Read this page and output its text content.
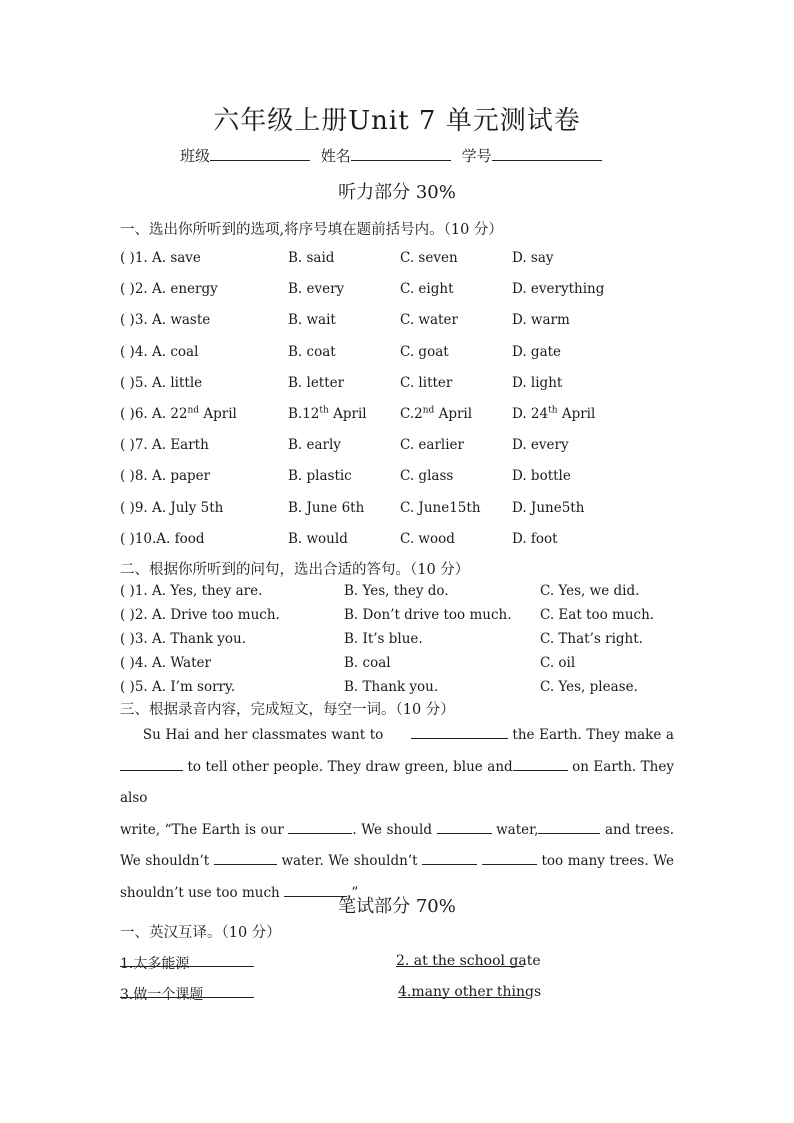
六年级上册Unit 7 单元测试卷
班级	姓名	学号
听力部分 30%
一、选出你所听到的选项,将序号填在题前括号内。（10 分）
( )1. A. save	B. said	C. seven	D. say
( )2. A. energy	B. every	C. eight	D. everything
( )3. A. waste	B. wait	C. water	D. warm
( )4. A. coal	B. coat	C. goat	D. gate
( )5. A. little	B. letter	C. litter	D. light
( )6. A. 22nd April	B.12th April C.2nd April	D. 24th April
( )7. A. Earth	B. early	C. earlier	D. every
( )8. A. paper	B. plastic	C. glass	D. bottle
( )9. A. July 5th	B. June 6th	C. June15th D. June5th
( )10.A. food	B. would	C. wood	D. foot
二、根据你所听到的问句，选出合适的答句。（10 分）
( )1. A. Yes, they are.	B. Yes, they do.	C. Yes, we did.
( )2. A. Drive too much.	B. Don’t drive too much. C. Eat too much.
( )3. A. Thank you.	B. It’s blue.	C. That’s right.
( )4. A. Water	B. coal	C. oil
( )5. A. I’m sorry.	B. Thank you.	C. Yes, please.
三、根据录音内容，完成短文，每空一词。（10 分）
Su Hai and her classmates want to	the Earth. They make a
to tell other people. They draw green, blue and	on Earth. They also
write, “The Earth is our	. We should	water,	and trees.
We shouldn’t	water. We shouldn’t	too many trees. We
shouldn’t use too much	.”
笔试部分 70%
一、英汉互译。（10 分）
1.太多能源	2. at the school gate
3.做一个课题	4.many other things
